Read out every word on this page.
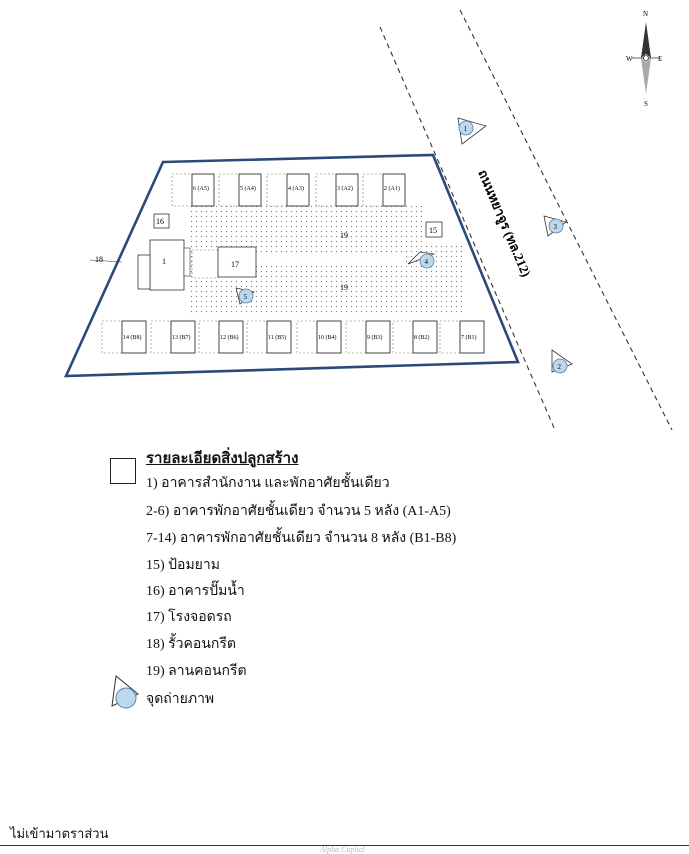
N
S
W	E
1	17
16
15
19
19
18
6 (A5)	5 (A4)	4 (A3)	3 (A2)	2 (A1)
14 (B8)	13 (B7)	12 (B6)	11 (B5)	10 (B4)	9 (B3)	8 (B2)	7 (B1)
1
2
3
4
5
ถนนหยาจูร (ทล.212)
รายละเอียดสิ่งปลูกสร้าง
1) อาคารสำนักงาน และพักอาศัยชั้นเดียว
2-6) อาคารพักอาศัยชั้นเดียว จำนวน 5 หลัง (A1-A5)
7-14) อาคารพักอาศัยชั้นเดียว จำนวน 8 หลัง (B1-B8)
15) ป้อมยาม
16) อาคารปั๊มน้ำ
17) โรงจอดรถ
18) รั้วคอนกรีต
19) ลานคอนกรีต
จุดถ่ายภาพ
ไม่เข้ามาตราส่วน
Alpha Capital
